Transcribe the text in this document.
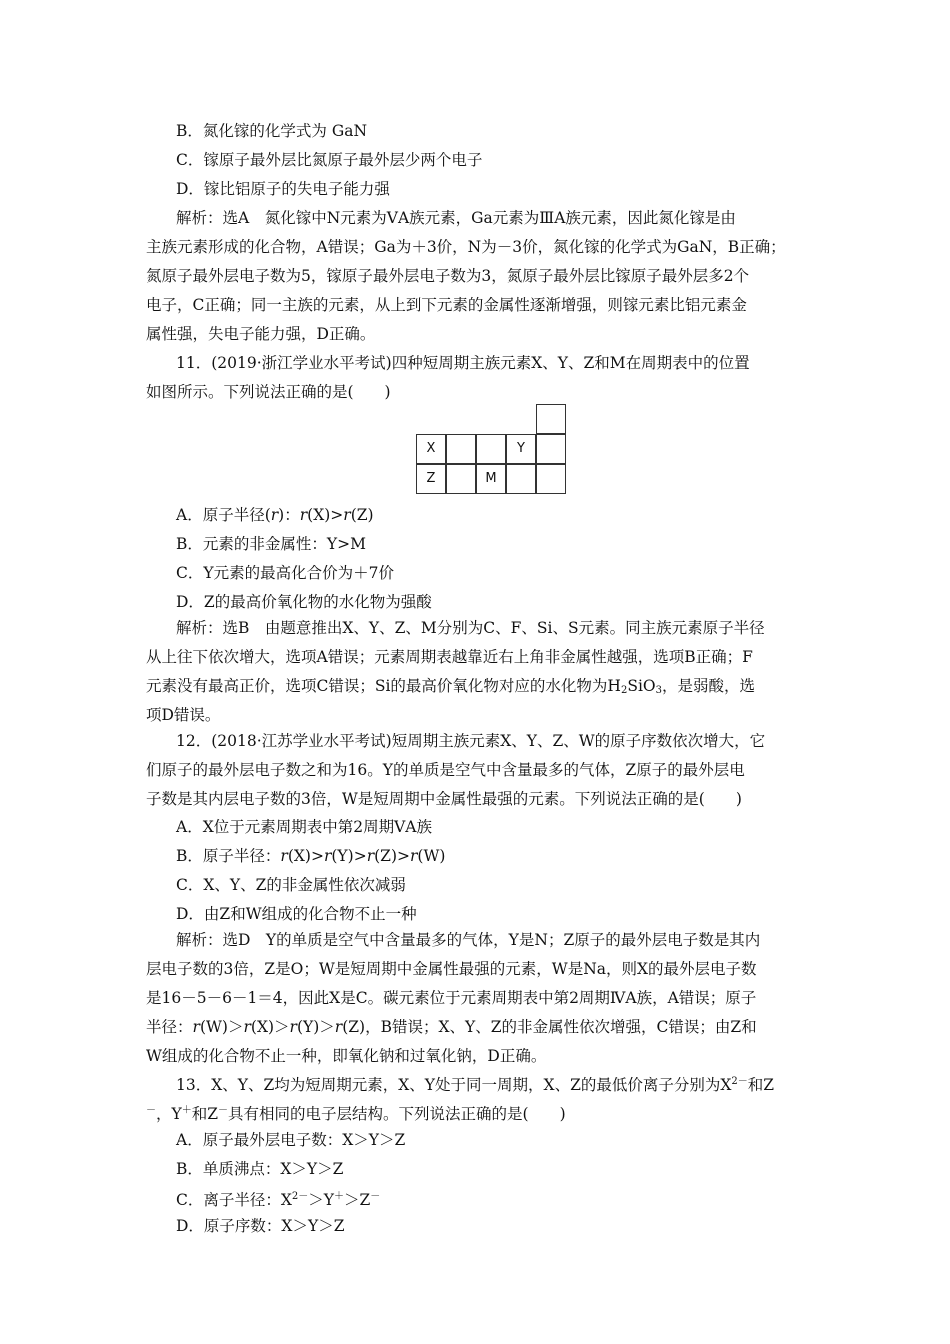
B．氮化镓的化学式为 GaN
C．镓原子最外层比氮原子最外层少两个电子
D．镓比铝原子的失电子能力强
解析：选A　氮化镓中N元素为ⅤA族元素，Ga元素为ⅢA族元素，因此氮化镓是由
主族元素形成的化合物，A错误；Ga为＋3价，N为－3价，氮化镓的化学式为GaN，B正确；
氮原子最外层电子数为5，镓原子最外层电子数为3，氮原子最外层比镓原子最外层多2个
电子，C正确；同一主族的元素，从上到下元素的金属性逐渐增强，则镓元素比铝元素金
属性强，失电子能力强，D正确。
11．(2019·浙江学业水平考试)四种短周期主族元素X、Y、Z和M在周期表中的位置
如图所示。下列说法正确的是(　　)
X	Y
Z	M
A．原子半径(r)：r(X)>r(Z)
B．元素的非金属性：Y>M
C．Y元素的最高化合价为＋7价
D．Z的最高价氧化物的水化物为强酸
解析：选B　由题意推出X、Y、Z、M分别为C、F、Si、S元素。同主族元素原子半径
从上往下依次增大，选项A错误；元素周期表越靠近右上角非金属性越强，选项B正确；F
元素没有最高正价，选项C错误；Si的最高价氧化物对应的水化物为$H_2SiO_3$，是弱酸，选
项D错误。
12．(2018·江苏学业水平考试)短周期主族元素X、Y、Z、W的原子序数依次增大，它
们原子的最外层电子数之和为16。Y的单质是空气中含量最多的气体，Z原子的最外层电
子数是其内层电子数的3倍，W是短周期中金属性最强的元素。下列说法正确的是(　　)
A．X位于元素周期表中第2周期ⅤA族
B．原子半径：r(X)>r(Y)>r(Z)>r(W)
C．X、Y、Z的非金属性依次减弱
D．由Z和W组成的化合物不止一种
解析：选D　Y的单质是空气中含量最多的气体，Y是N；Z原子的最外层电子数是其内
层电子数的3倍，Z是O；W是短周期中金属性最强的元素，W是Na，则X的最外层电子数
是16－5－6－1＝4，因此X是C。碳元素位于元素周期表中第2周期ⅣA族，A错误；原子
半径：r(W)＞r(X)＞r(Y)＞r(Z)，B错误；X、Y、Z的非金属性依次增强，C错误；由Z和
W组成的化合物不止一种，即氧化钠和过氧化钠，D正确。
13．X、Y、Z均为短周期元素，X、Y处于同一周期，X、Z的最低价离子分别为$X^{2-}$和Z
－，Y＋和Z－具有相同的电子层结构。下列说法正确的是(　　)
A．原子最外层电子数：X＞Y＞Z
B．单质沸点：X＞Y＞Z
C．离子半径：$X^{2-}>Y^+>Z^-$
D．原子序数：X＞Y＞Z
